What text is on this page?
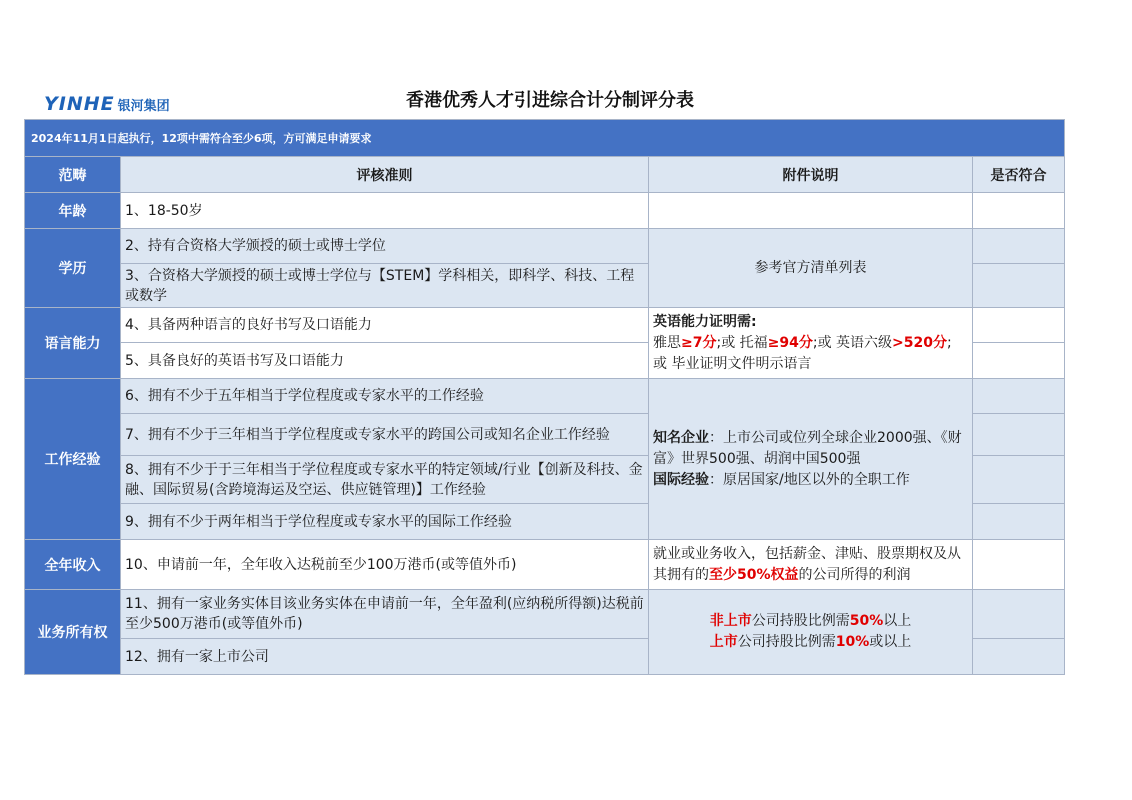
YINHE 银河集团	香港优秀人才引进综合计分制评分表
2024年11月1日起执行，12项中需符合至少6项，方可满足申请要求			
范畴	评核准则	附件说明	是否符合
年龄	1、18-50岁		
学历	2、持有合资格大学颁授的硕士或博士学位	参考官方清单列表	
	3、合资格大学颁授的硕士或博士学位与【STEM】学科相关，即科学、科技、工程或数学		
语言能力	4、具备两种语言的良好书写及口语能力	英语能力证明需:
雅思≥7分;或 托福≥94分;或 英语六级>520分;
或 毕业证明文件明示语言	

	5、具备良好的英语书写及口语能力		
工作经验	6、拥有不少于五年相当于学位程度或专家水平的工作经验	知名企业：上市公司或位列全球企业2000强、《财富》世界500强、胡润中国500强
国际经验：原居国家/地区以外的全职工作	

	7、拥有不少于三年相当于学位程度或专家水平的跨国公司或知名企业工作经验		
	8、拥有不少于于三年相当于学位程度或专家水平的特定领域/行业【创新及科技、金融、国际贸易(含跨境海运及空运、供应链管理)】工作经验		
	9、拥有不少于两年相当于学位程度或专家水平的国际工作经验		
全年收入	10、申请前一年，全年收入达税前至少100万港币(或等值外币)	就业或业务收入，包括薪金、津贴、股票期权及从其拥有的至少50%权益的公司所得的利润	
业务所有权	11、拥有一家业务实体目该业务实体在申请前一年，全年盈利(应纳税所得额)达税前至少500万港币(或等值外币)	非上市公司持股比例需50%以上
上市公司持股比例需10%或以上	

	12、拥有一家上市公司		
